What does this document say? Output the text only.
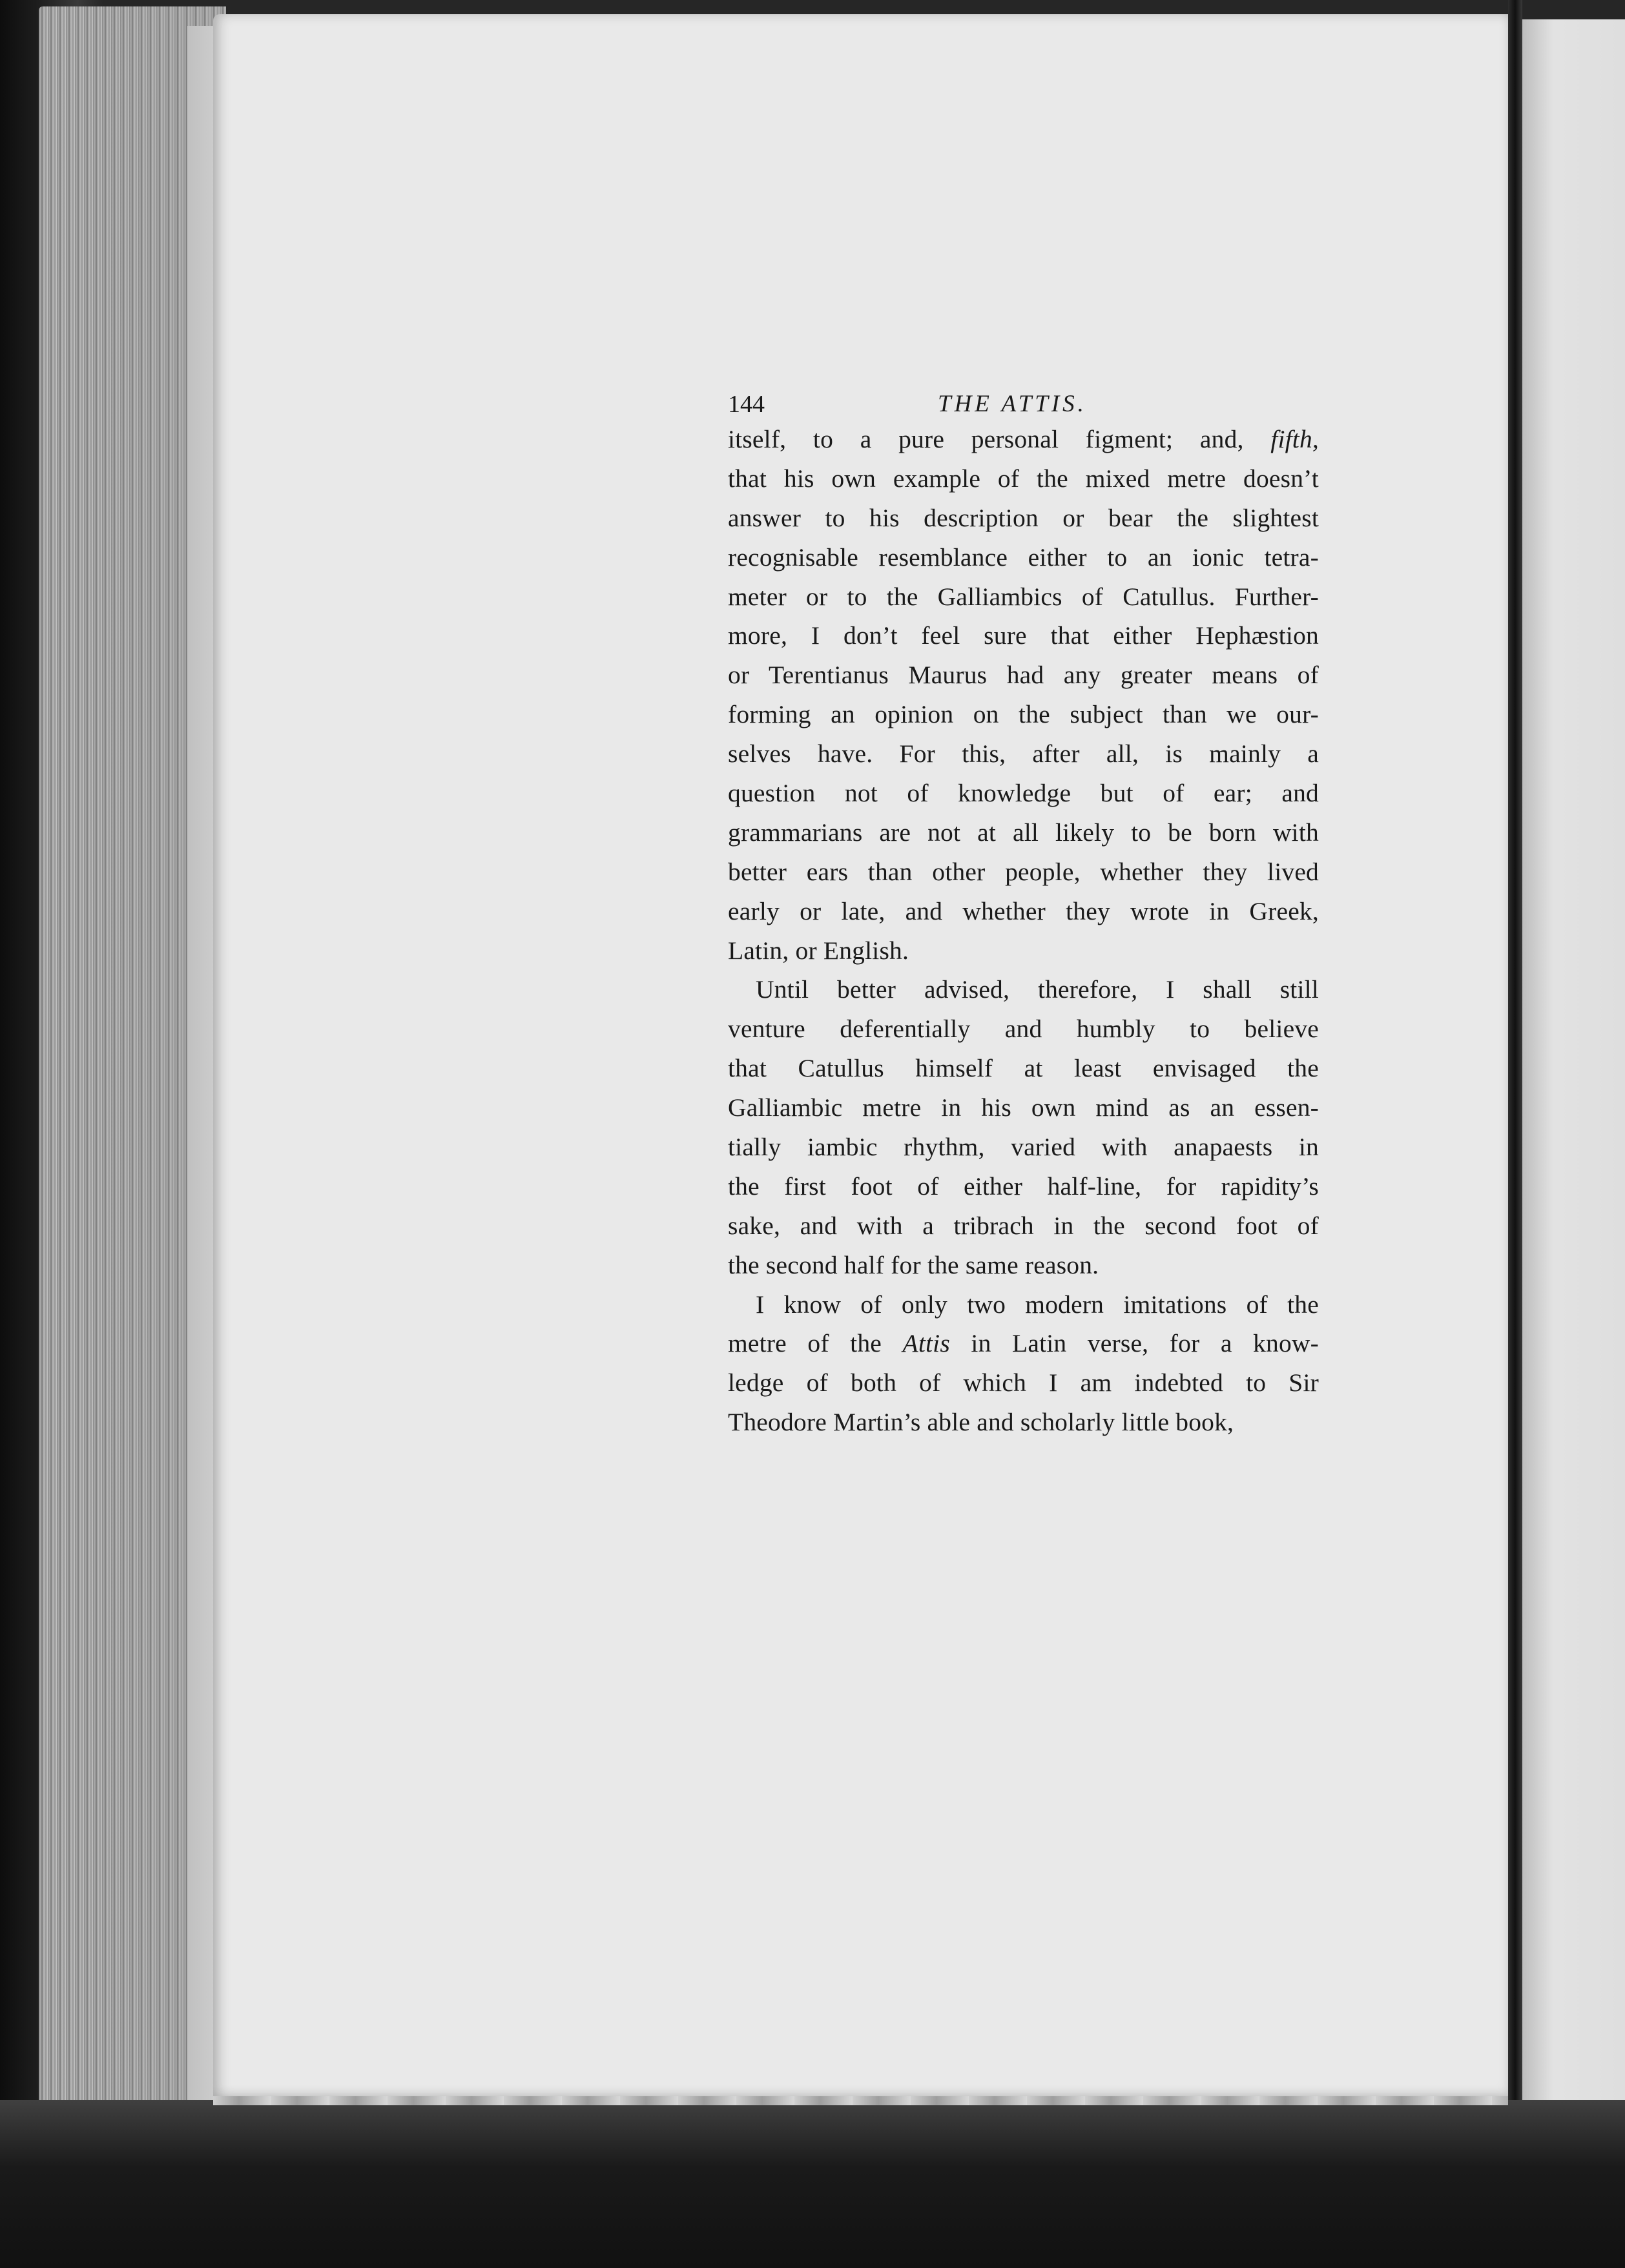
144	THE ATTIS.
itself, to a pure personal figment; and, fifth,
that his own example of the mixed metre doesn’t
answer to his description or bear the slightest
recognisable resemblance either to an ionic tetra-
meter or to the Galliambics of Catullus. Further-
more, I don’t feel sure that either Hephæstion
or Terentianus Maurus had any greater means of
forming an opinion on the subject than we our-
selves have. For this, after all, is mainly a
question not of knowledge but of ear; and
grammarians are not at all likely to be born with
better ears than other people, whether they lived
early or late, and whether they wrote in Greek,
Latin, or English.
Until better advised, therefore, I shall still
venture deferentially and humbly to believe
that Catullus himself at least envisaged the
Galliambic metre in his own mind as an essen-
tially iambic rhythm, varied with anapaests in
the first foot of either half-line, for rapidity’s
sake, and with a tribrach in the second foot of
the second half for the same reason.
I know of only two modern imitations of the
metre of the Attis in Latin verse, for a know-
ledge of both of which I am indebted to Sir
Theodore Martin’s able and scholarly little book,
